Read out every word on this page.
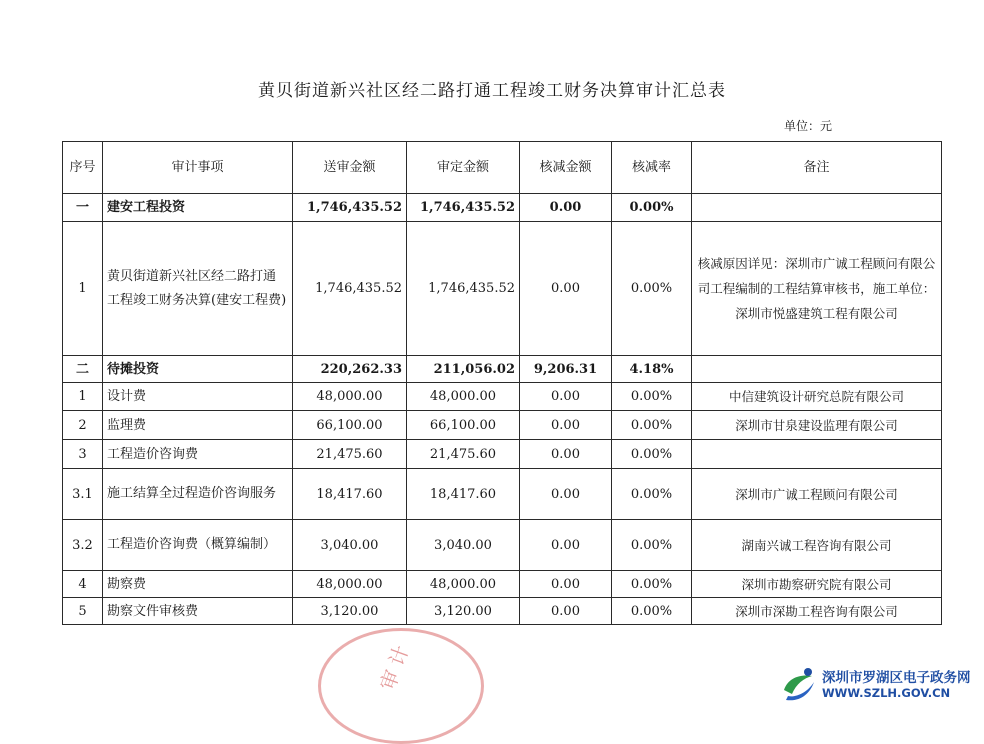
黄贝街道新兴社区经二路打通工程竣工财务决算审计汇总表
单位：元
序号	审计事项	送审金额	审定金额	核减金额	核减率	备注
一	建安工程投资	1,746,435.52	1,746,435.52	0.00	0.00%	
1	黄贝街道新兴社区经二路打通工程竣工财务决算(建安工程费)	1,746,435.52	1,746,435.52	0.00	0.00%	核减原因详见：深圳市广诚工程顾问有限公司工程编制的工程结算审核书，施工单位：深圳市悦盛建筑工程有限公司
二	待摊投资	220,262.33	211,056.02	9,206.31	4.18%	
1	设计费	48,000.00	48,000.00	0.00	0.00%	中信建筑设计研究总院有限公司
2	监理费	66,100.00	66,100.00	0.00	0.00%	深圳市甘泉建设监理有限公司
3	工程造价咨询费	21,475.60	21,475.60	0.00	0.00%	
3.1	施工结算全过程造价咨询服务	18,417.60	18,417.60	0.00	0.00%	深圳市广诚工程顾问有限公司
3.2	工程造价咨询费（概算编制）	3,040.00	3,040.00	0.00	0.00%	湖南兴诚工程咨询有限公司
4	勘察费	48,000.00	48,000.00	0.00	0.00%	深圳市勘察研究院有限公司
5	勘察文件审核费	3,120.00	3,120.00	0.00	0.00%	深圳市深勘工程咨询有限公司
审计	深圳市罗湖区电子政务网
WWW.SZLH.GOV.CN
